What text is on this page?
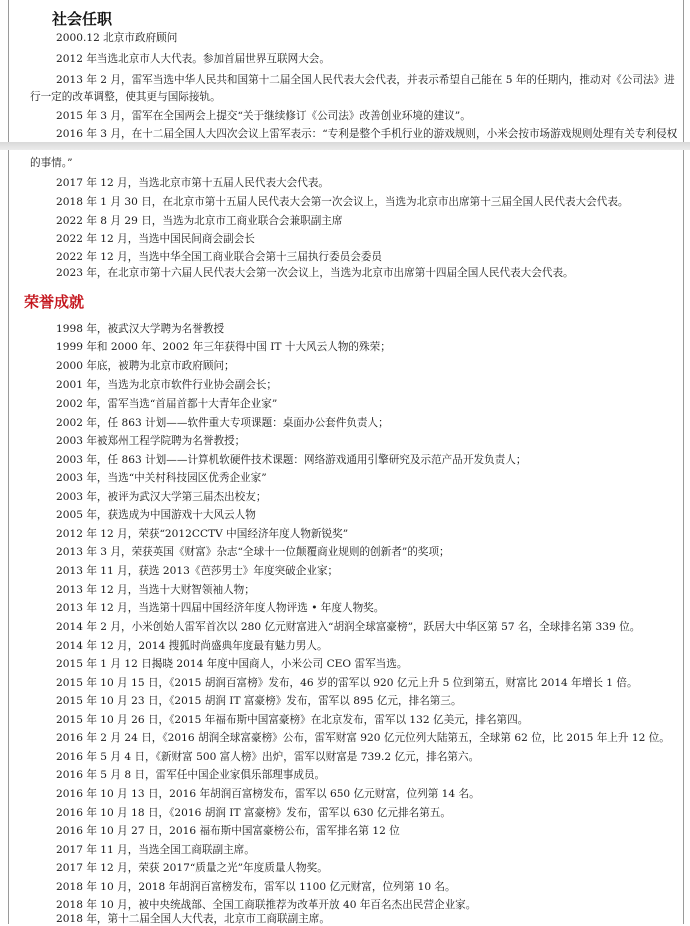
社会任职
2000.12 北京市政府顾问
2012 年当选北京市人大代表。参加首届世界互联网大会。
2013 年 2 月，雷军当选中华人民共和国第十二届全国人民代表大会代表，并表示希望自己能在 5 年的任期内，推动对《公司法》进
行一定的改革调整，使其更与国际接轨。
2015 年 3 月，雷军在全国两会上提交“关于继续修订《公司法》改善创业环境的建议”。
2016 年 3 月，在十二届全国人大四次会议上雷军表示：“专利是整个手机行业的游戏规则，小米会按市场游戏规则处理有关专利侵权
的事情。”
2017 年 12 月，当选北京市第十五届人民代表大会代表。
2018 年 1 月 30 日，在北京市第十五届人民代表大会第一次会议上，当选为北京市出席第十三届全国人民代表大会代表。
2022 年 8 月 29 日，当选为北京市工商业联合会兼职副主席
2022 年 12 月，当选中国民间商会副会长
2022 年 12 月，当选中华全国工商业联合会第十三届执行委员会委员
2023 年，在北京市第十六届人民代表大会第一次会议上，当选为北京市出席第十四届全国人民代表大会代表。
荣誉成就
1998 年，被武汉大学聘为名誉教授
1999 年和 2000 年、2002 年三年获得中国 IT 十大风云人物的殊荣；
2000 年底，被聘为北京市政府顾问；
2001 年，当选为北京市软件行业协会副会长；
2002 年，雷军当选“首届首都十大青年企业家”
2002 年，任 863 计划——软件重大专项课题：桌面办公套件负责人；
2003 年被郑州工程学院聘为名誉教授；
2003 年，任 863 计划——计算机软硬件技术课题：网络游戏通用引擎研究及示范产品开发负责人；
2003 年，当选“中关村科技园区优秀企业家”
2003 年，被评为武汉大学第三届杰出校友；
2005 年，获选成为中国游戏十大风云人物
2012 年 12 月，荣获“2012CCTV 中国经济年度人物新锐奖”
2013 年 3 月，荣获英国《财富》杂志“全球十一位颠覆商业规则的创新者”的奖项；
2013 年 11 月，获选 2013《芭莎男士》年度突破企业家；
2013 年 12 月，当选十大财智领袖人物；
2013 年 12 月，当选第十四届中国经济年度人物评选 • 年度人物奖。
2014 年 2 月，小米创始人雷军首次以 280 亿元财富进入“胡润全球富豪榜”，跃居大中华区第 57 名，全球排名第 339 位。
2014 年 12 月，2014 搜狐时尚盛典年度最有魅力男人。
2015 年 1 月 12 日揭晓 2014 年度中国商人，小米公司 CEO 雷军当选。
2015 年 10 月 15 日，《2015 胡润百富榜》发布，46 岁的雷军以 920 亿元上升 5 位到第五，财富比 2014 年增长 1 倍。
2015 年 10 月 23 日，《2015 胡润 IT 富豪榜》发布，雷军以 895 亿元，排名第三。
2015 年 10 月 26 日，《2015 年福布斯中国富豪榜》在北京发布，雷军以 132 亿美元，排名第四。
2016 年 2 月 24 日，《2016 胡润全球富豪榜》公布，雷军财富 920 亿元位列大陆第五，全球第 62 位，比 2015 年上升 12 位。
2016 年 5 月 4 日，《新财富 500 富人榜》出炉，雷军以财富是 739.2 亿元，排名第六。
2016 年 5 月 8 日，雷军任中国企业家俱乐部理事成员。
2016 年 10 月 13 日，2016 年胡润百富榜发布，雷军以 650 亿元财富，位列第 14 名。
2016 年 10 月 18 日，《2016 胡润 IT 富豪榜》发布，雷军以 630 亿元排名第五。
2016 年 10 月 27 日，2016 福布斯中国富豪榜公布，雷军排名第 12 位
2017 年 11 月，当选全国工商联副主席。
2017 年 12 月，荣获 2017“质量之光”年度质量人物奖。
2018 年 10 月，2018 年胡润百富榜发布，雷军以 1100 亿元财富，位列第 10 名。
2018 年 10 月，被中央统战部、全国工商联推荐为改革开放 40 年百名杰出民营企业家。
2018 年，第十二届全国人大代表，北京市工商联副主席。
